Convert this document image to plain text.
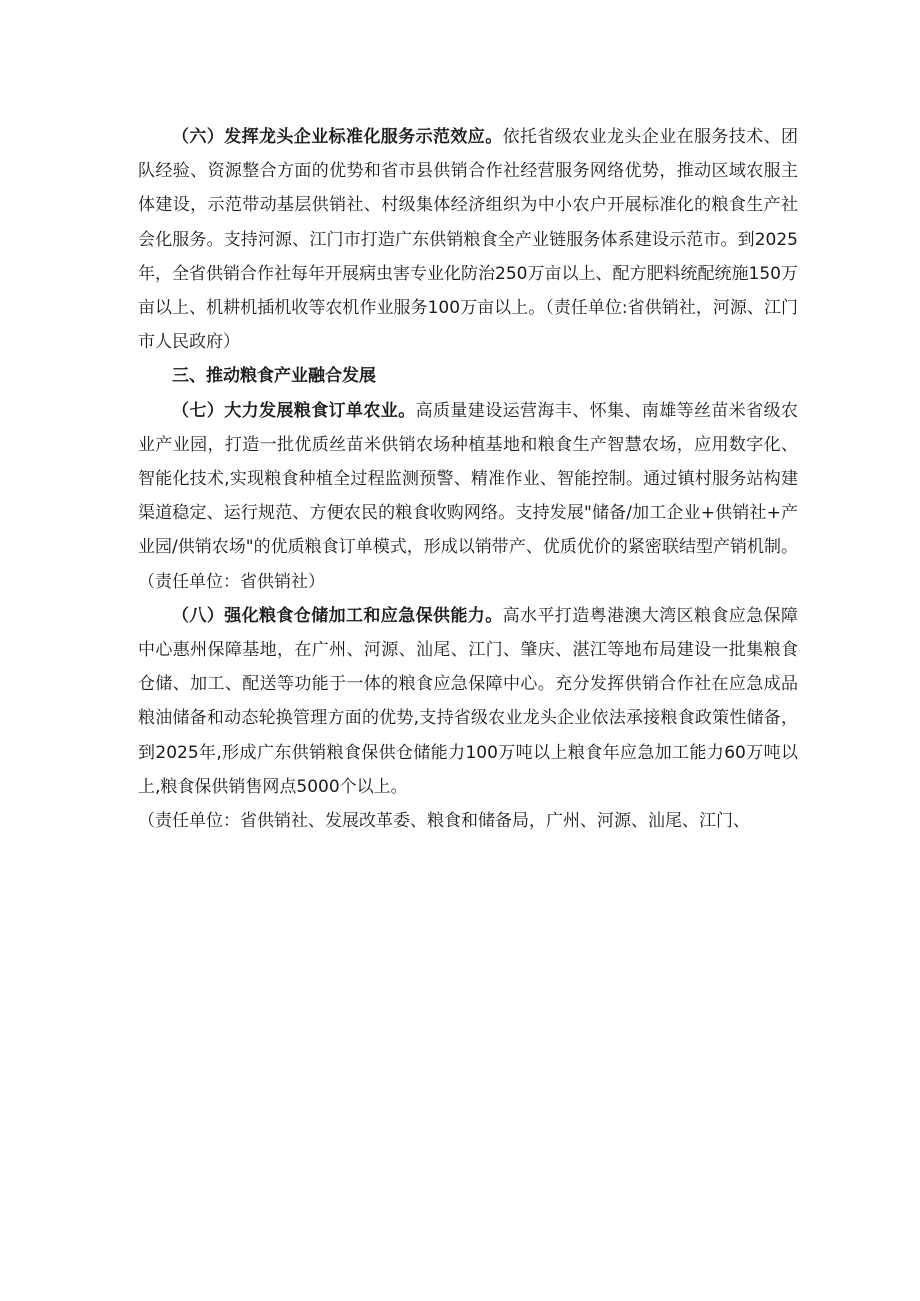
（六）发挥龙头企业标准化服务示范效应。依托省级农业龙头企业在服务技术、团队经验、资源整合方面的优势和省市县供销合作社经营服务网络优势，推动区域农服主体建设，示范带动基层供销社、村级集体经济组织为中小农户开展标准化的粮食生产社会化服务。支持河源、江门市打造广东供销粮食全产业链服务体系建设示范市。到2025年，全省供销合作社每年开展病虫害专业化防治250万亩以上、配方肥料统配统施150万亩以上、机耕机插机收等农机作业服务100万亩以上。（责任单位:省供销社，河源、江门市人民政府）

三、推动粮食产业融合发展

（七）大力发展粮食订单农业。高质量建设运营海丰、怀集、南雄等丝苗米省级农业产业园，打造一批优质丝苗米供销农场种植基地和粮食生产智慧农场，应用数字化、智能化技术,实现粮食种植全过程监测预警、精准作业、智能控制。通过镇村服务站构建渠道稳定、运行规范、方便农民的粮食收购网络。支持发展"储备/加工企业+供销社+产业园/供销农场"的优质粮食订单模式，形成以销带产、优质优价的紧密联结型产销机制。（责任单位：省供销社）

（八）强化粮食仓储加工和应急保供能力。高水平打造粤港澳大湾区粮食应急保障中心惠州保障基地，在广州、河源、汕尾、江门、肇庆、湛江等地布局建设一批集粮食仓储、加工、配送等功能于一体的粮食应急保障中心。充分发挥供销合作社在应急成品粮油储备和动态轮换管理方面的优势,支持省级农业龙头企业依法承接粮食政策性储备，到2025年,形成广东供销粮食保供仓储能力100万吨以上粮食年应急加工能力60万吨以上,粮食保供销售网点5000个以上。

（责任单位：省供销社、发展改革委、粮食和储备局，广州、河源、汕尾、江门、
